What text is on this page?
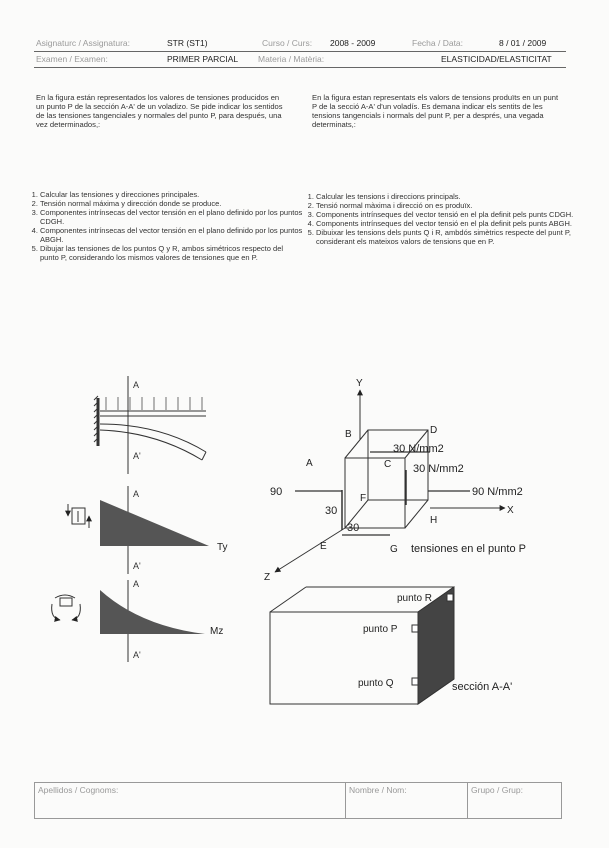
Asignaturc / Assignatura:	STR (ST1)	Curso / Curs: 2008 - 2009	Fecha / Data:	8 / 01 / 2009
Examen / Examen:	PRIMER PARCIAL Materia / Matèria:	ELASTICIDAD/ELASTICITAT
En la figura están representados los valores de tensiones producidos en un punto P de la sección A-A' de un voladizo. Se pide indicar los sentidos de las tensiones tangenciales y normales del punto P, para después, una vez determinados,:
En la figura estan representats els valors de tensions produïts en un punt P de la secció A-A' d'un voladís. Es demana indicar els sentits de les tensions tangencials i normals del punt P, per a després, una vegada determinats,:
1. Calcular las tensiones y direcciones principales.
2. Tensión normal máxima y dirección donde se produce.
3. Componentes intrínsecas del vector tensión en el plano definido por los puntos CDGH.
4. Componentes intrínsecas del vector tensión en el plano definido por los puntos ABGH.
5. Dibujar las tensiones de los puntos Q y R, ambos simétricos respecto del punto P, considerando los mismos valores de tensiones que en P.
1. Calcular les tensions i direccions principals.
2. Tensió normal màxima i direcció on es produïx.
3. Components intrínseques del vector tensió en el pla definit pels punts CDGH.
4. Components intrínseques del vector tensió en el pla definit pels punts ABGH.
5. Dibuixar les tensions dels punts Q i R, ambdós simètrics respecte del punt P, considerant els mateixos valors de tensions que en P.
A
A'
A
A'
Ty
A
A'
Mz
Y
X
Z
A
B
C
D
E
F
G
H
30 N/mm2
30 N/mm2
90	90 N/mm2
30
30
tensiones en el punto P
punto R
punto P
punto Q	sección A-A'
Apellidos / Cognoms:	Nombre / Nom:	Grupo / Grup:
